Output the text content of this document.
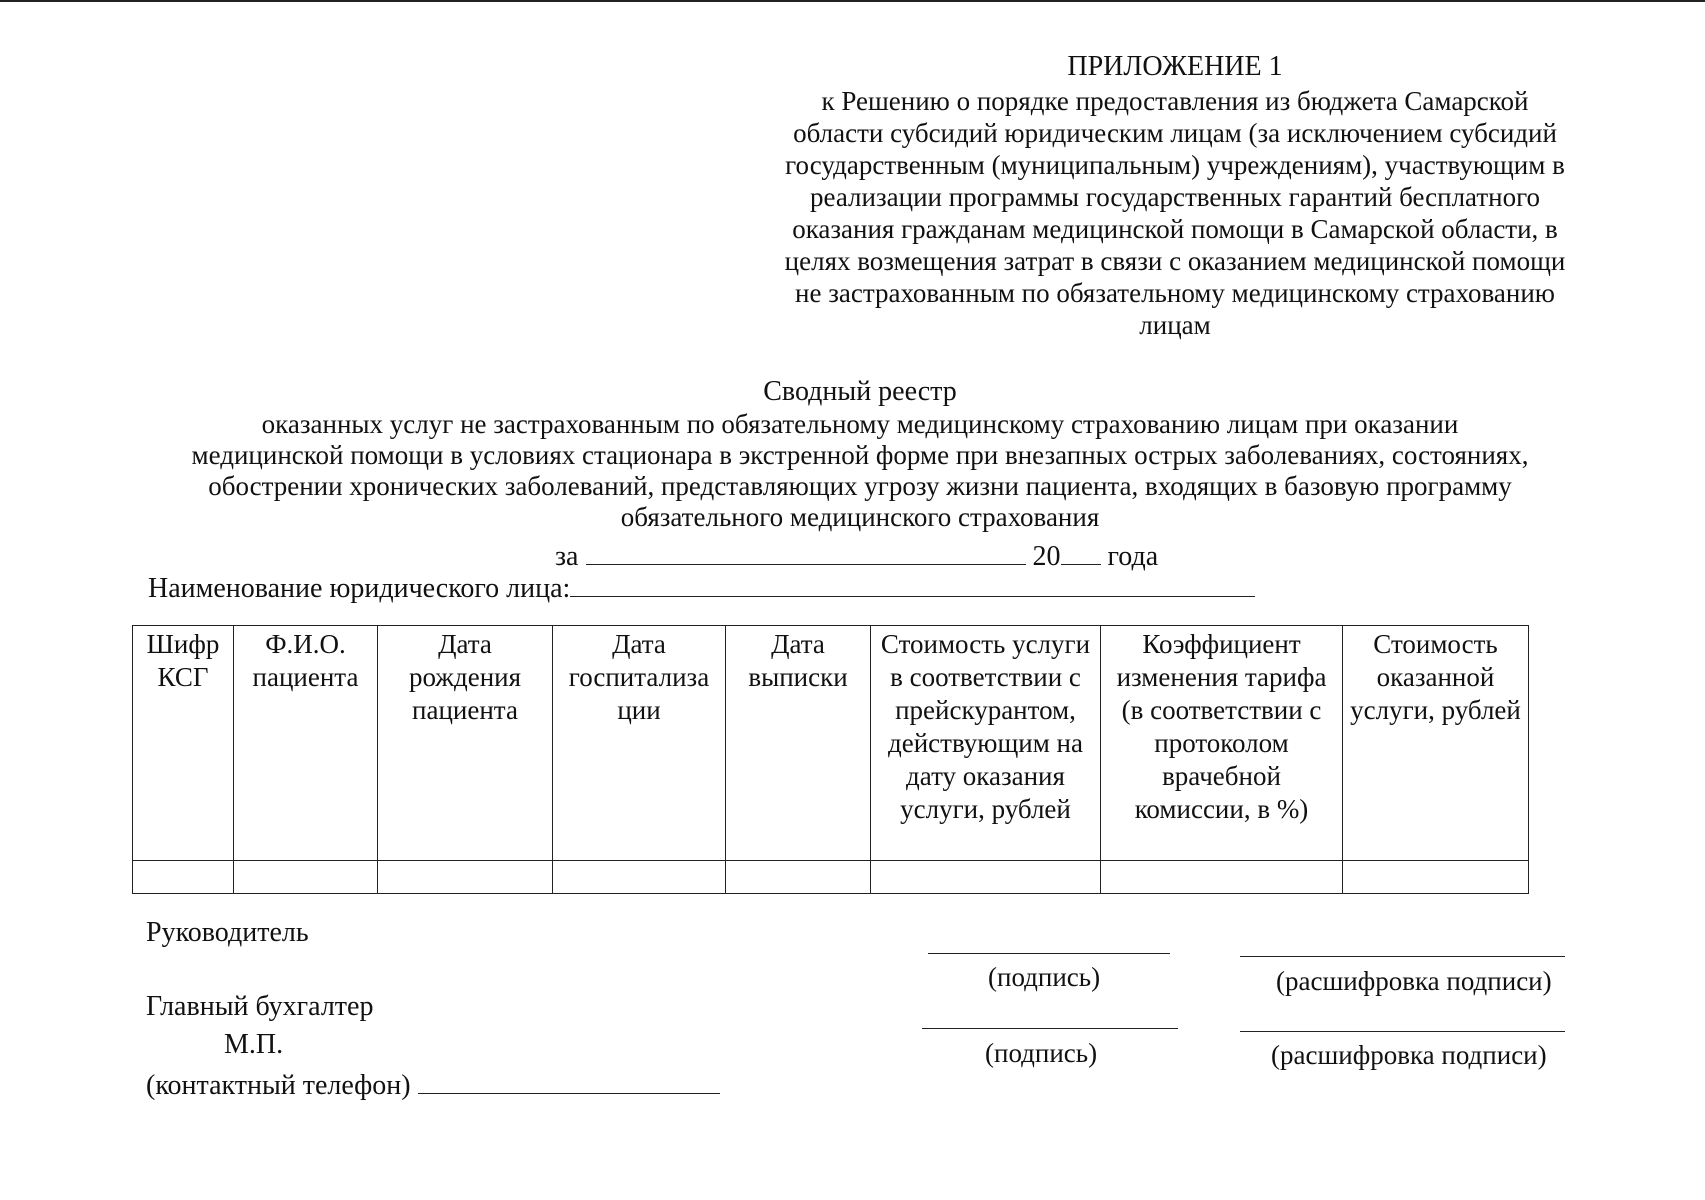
ПРИЛОЖЕНИЕ 1
к Решению о порядке предоставления из бюджета Самарской
области субсидий юридическим лицам (за исключением субсидий
государственным (муниципальным) учреждениям), участвующим в
реализации программы государственных гарантий бесплатного
оказания гражданам медицинской помощи в Самарской области, в
целях возмещения затрат в связи с оказанием медицинской помощи
не застрахованным по обязательному медицинскому страхованию
лицам
Сводный реестр
оказанных услуг не застрахованным по обязательному медицинскому страхованию лицам при оказании
медицинской помощи в условиях стационара в экстренной форме при внезапных острых заболеваниях, состояниях,
обострении хронических заболеваний, представляющих угрозу жизни пациента, входящих в базовую программу
обязательного медицинского страхования
за	20 года
Наименование юридического лица:
Шифр КСГ	Ф.И.О. пациента	Дата рождения пациента	Дата госпитализа ции	Дата выписки	Стоимость услуги в соответствии с прейскурантом, действующим на дату оказания услуги, рублей	Коэффициент изменения тарифа (в соответствии с протоколом врачебной комиссии, в %)	Стоимость оказанной услуги, рублей

Руководитель
(подпись)	(расшифровка подписи)
Главный бухгалтер
(подпись)	(расшифровка подписи)
М.П.
(контактный телефон)
